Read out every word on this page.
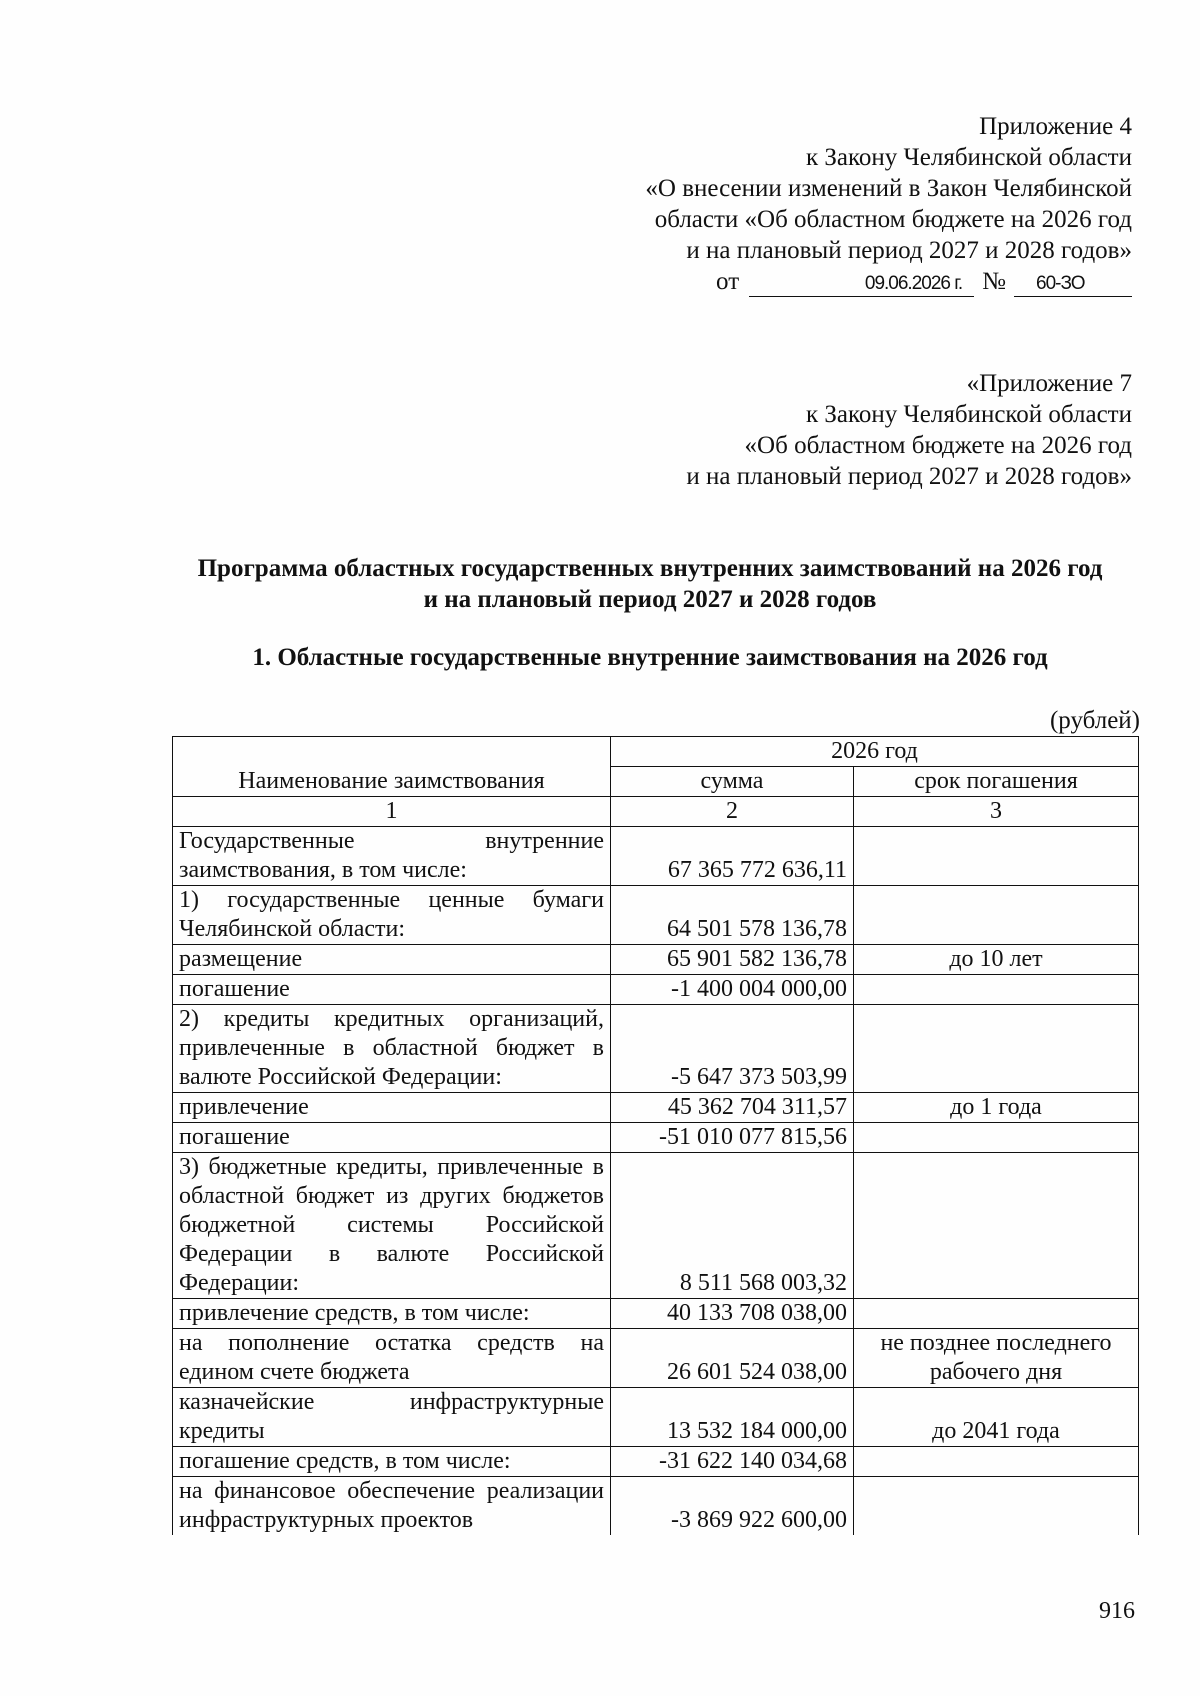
Приложение 4
к Закону Челябинской области
«О внесении изменений в Закон Челябинской
области «Об областном бюджете на 2026 год
и на плановый период 2027 и 2028 годов»
от	09.06.2026 г. №	60-ЗО
«Приложение 7
к Закону Челябинской области
«Об областном бюджете на 2026 год
и на плановый период 2027 и 2028 годов»
Программа областных государственных внутренних заимствований на 2026 год
и на плановый период 2027 и 2028 годов
1. Областные государственные внутренние заимствования на 2026 год
(рублей)
Наименование заимствования	2026 год	
	сумма	срок погашения
1	2	3
Государственные внутренние заимствования, в том числе:	67 365 772 636,11	
1) государственные ценные бумаги Челябинской области:	64 501 578 136,78	
размещение	65 901 582 136,78	до 10 лет
погашение	-1 400 004 000,00	
2) кредиты кредитных организаций, привлеченные в областной бюджет в валюте Российской Федерации:	-5 647 373 503,99	
привлечение	45 362 704 311,57	до 1 года
погашение	-51 010 077 815,56	
3) бюджетные кредиты, привлеченные в областной бюджет из других бюджетов бюджетной системы Российской Федерации в валюте Российской Федерации:	8 511 568 003,32	
привлечение средств, в том числе:	40 133 708 038,00	
на пополнение остатка средств на едином счете бюджета	26 601 524 038,00	не позднее последнего рабочего дня
казначейские инфраструктурные кредиты	13 532 184 000,00	до 2041 года
погашение средств, в том числе:	-31 622 140 034,68	
на финансовое обеспечение реализации инфраструктурных проектов	-3 869 922 600,00	
916
